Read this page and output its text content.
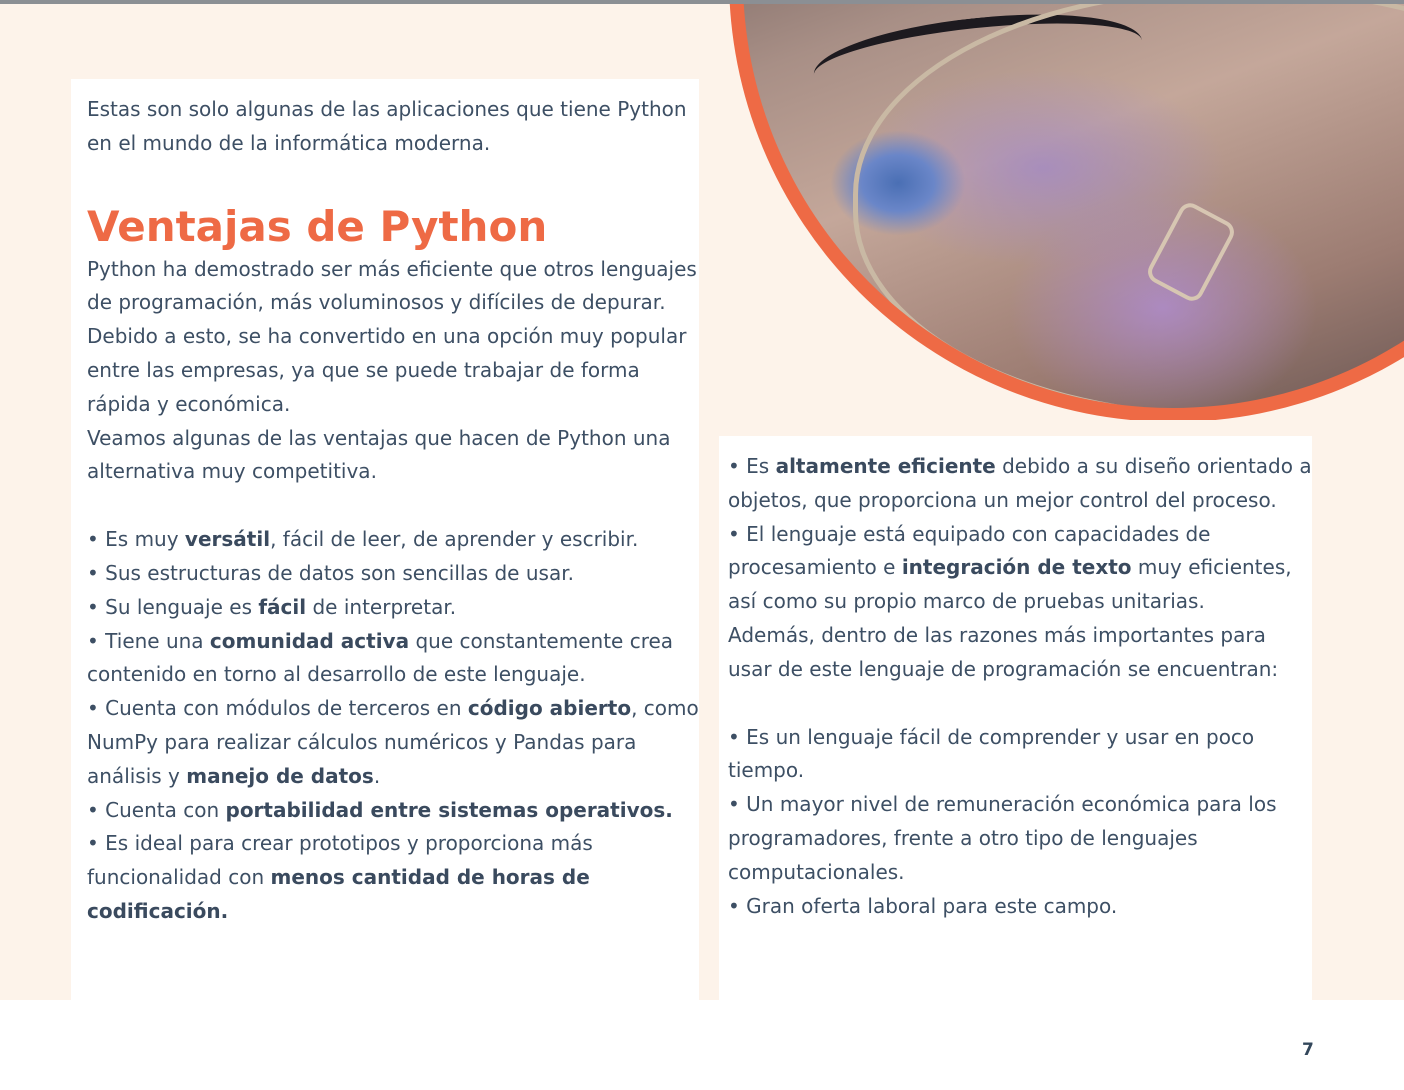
Estas son solo algunas de las aplicaciones que tiene Python en el mundo de la informática moderna.

Ventajas de Python

Python ha demostrado ser más eficiente que otros lenguajes de programación, más voluminosos y difíciles de depurar. Debido a esto, se ha convertido en una opción muy popular entre las empresas, ya que se puede trabajar de forma rápida y económica.

Veamos algunas de las ventajas que hacen de Python una alternativa muy competitiva.

• Es muy versátil, fácil de leer, de aprender y escribir.

• Sus estructuras de datos son sencillas de usar.

• Su lenguaje es fácil de interpretar.

• Tiene una comunidad activa que constantemente crea contenido en torno al desarrollo de este lenguaje.

• Cuenta con módulos de terceros en código abierto, como NumPy para realizar cálculos numéricos y Pandas para análisis y manejo de datos.

• Cuenta con portabilidad entre sistemas operativos.

• Es ideal para crear prototipos y proporciona más funcionalidad con menos cantidad de horas de codificación.

• Es altamente eficiente debido a su diseño orientado a objetos, que proporciona un mejor control del proceso.

• El lenguaje está equipado con capacidades de procesamiento e integración de texto muy eficientes, así como su propio marco de pruebas unitarias.

Además, dentro de las razones más importantes para usar de este lenguaje de programación se encuentran:

• Es un lenguaje fácil de comprender y usar en poco tiempo.

• Un mayor nivel de remuneración económica para los programadores, frente a otro tipo de lenguajes computacionales.

• Gran oferta laboral para este campo.

7
